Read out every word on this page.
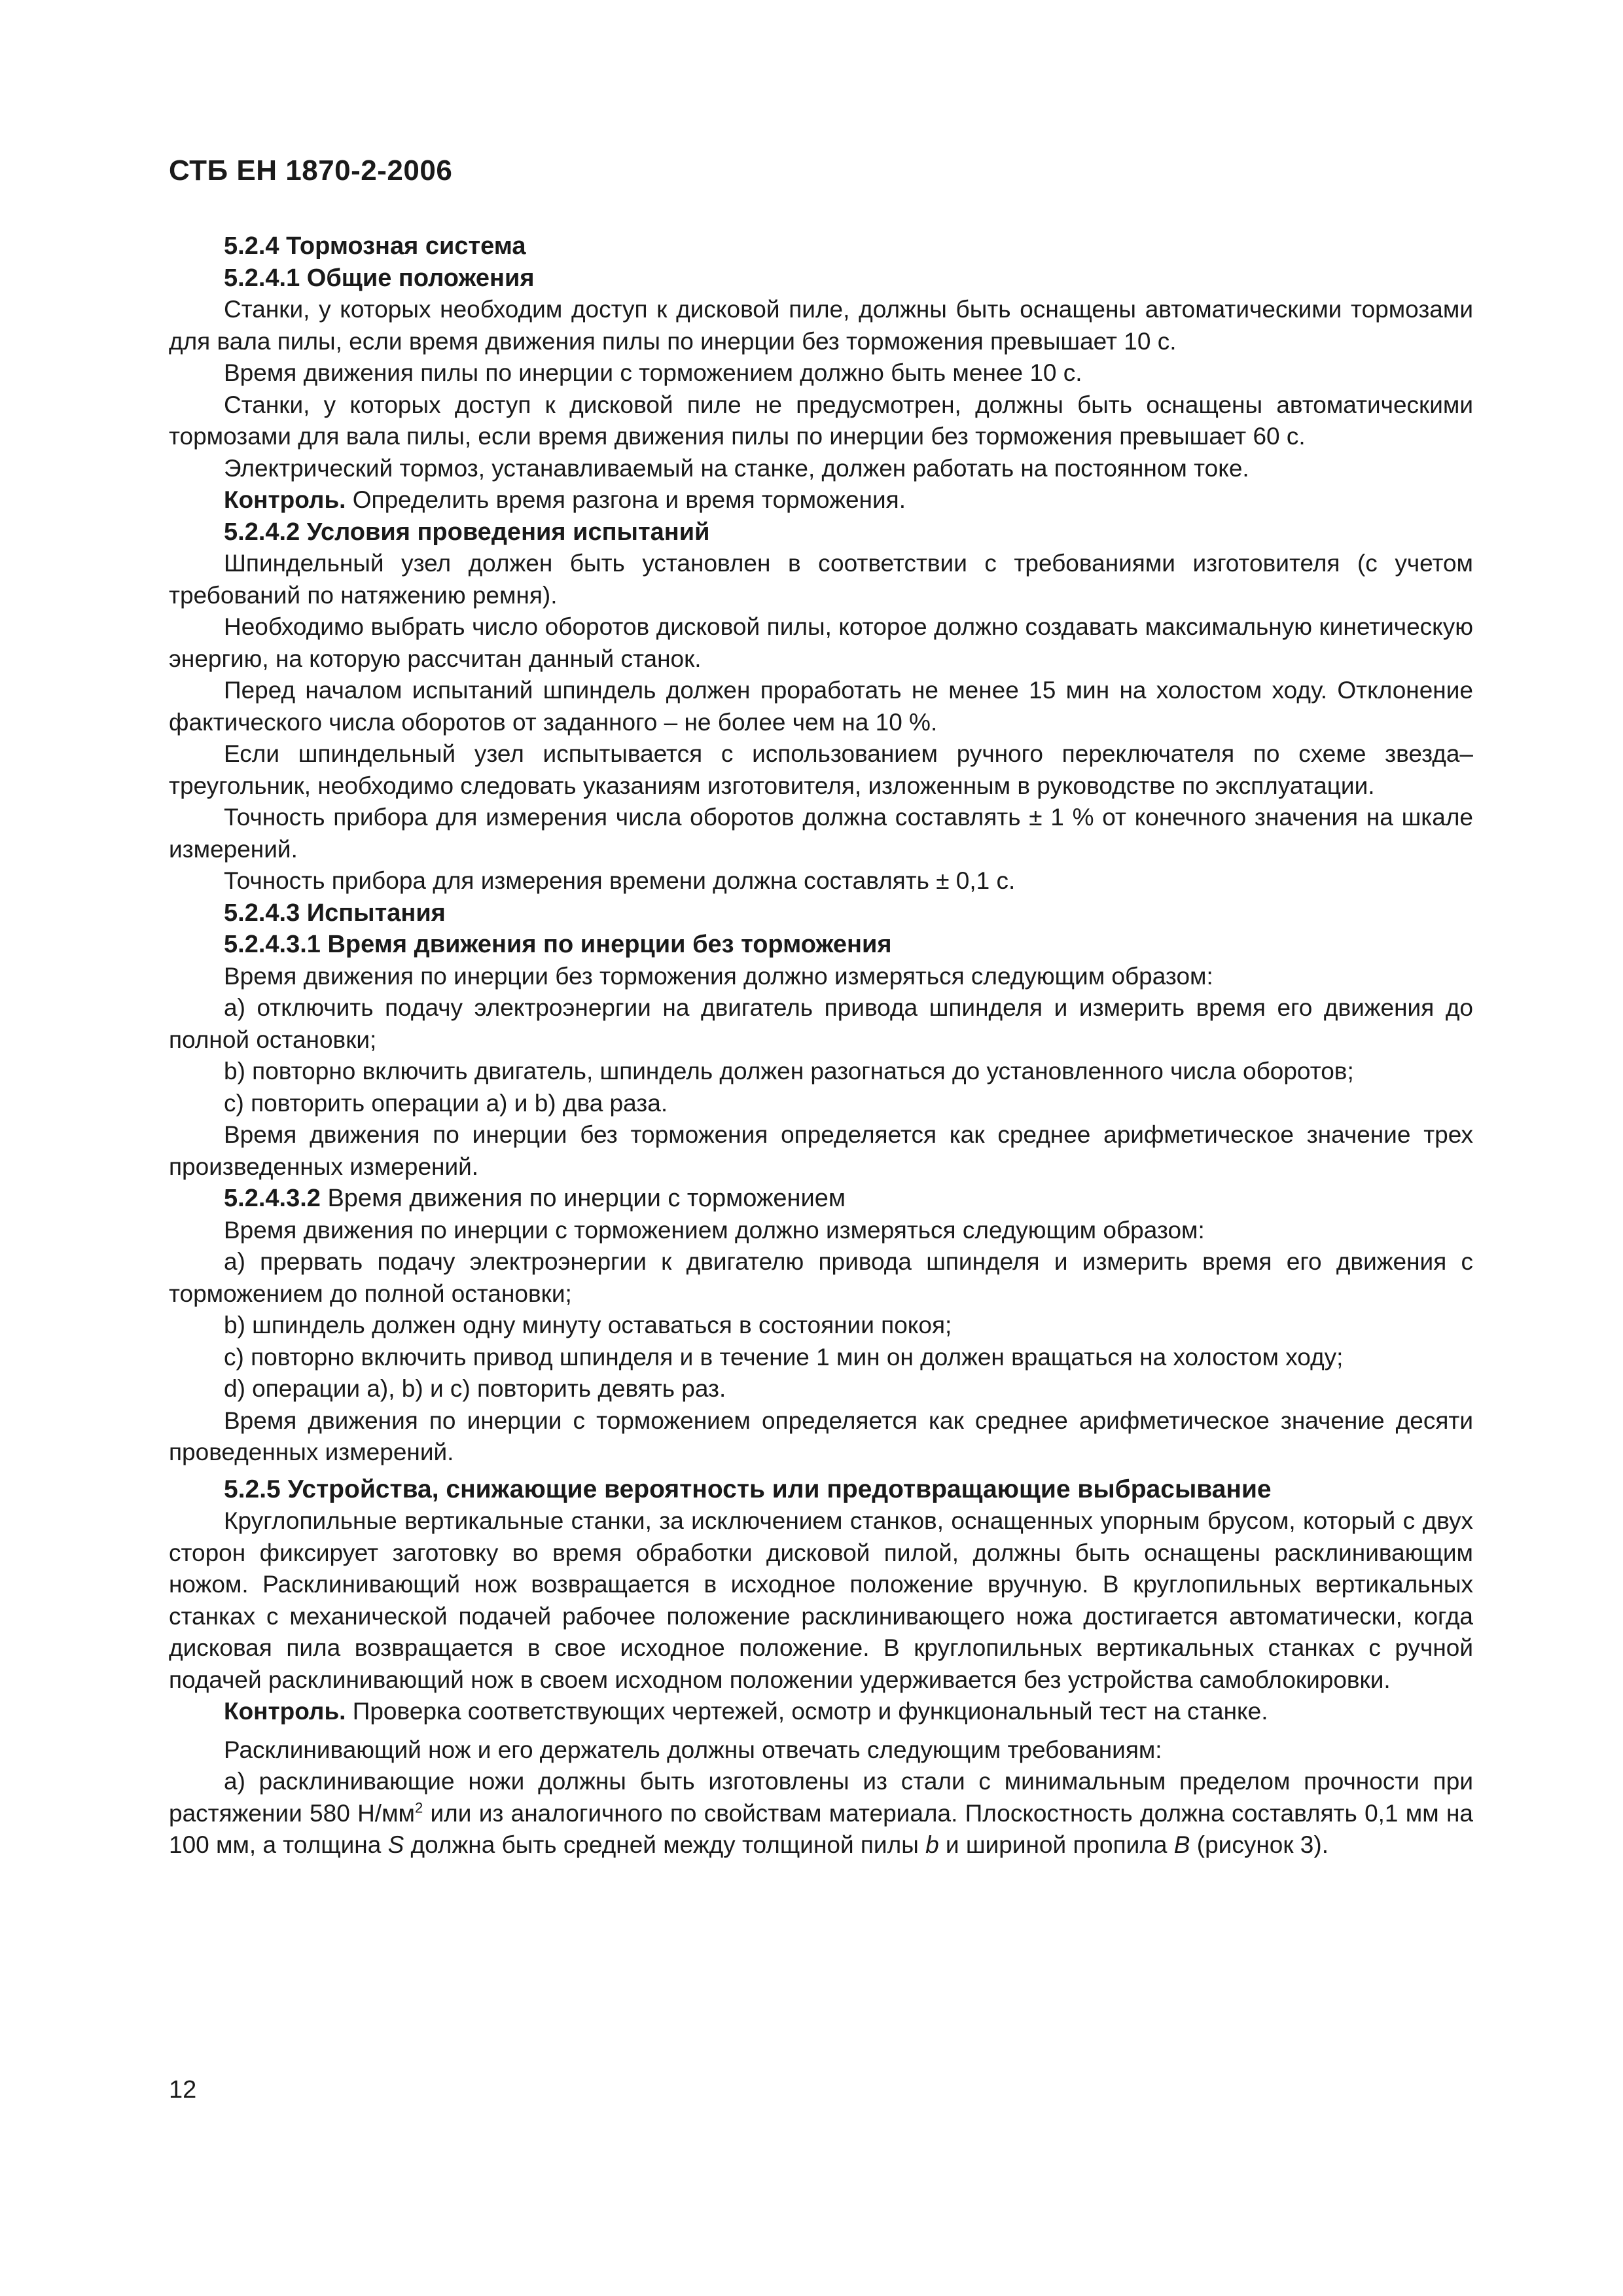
СТБ ЕН 1870-2-2006
5.2.4 Тормозная система
5.2.4.1 Общие положения

Станки, у которых необходим доступ к дисковой пиле, должны быть оснащены автоматическими тормозами для вала пилы, если время движения пилы по инерции без торможения превышает 10 с.

Время движения пилы по инерции с торможением должно быть менее 10 с.

Станки, у которых доступ к дисковой пиле не предусмотрен, должны быть оснащены автоматическими тормозами для вала пилы, если время движения пилы по инерции без торможения превышает 60 с.

Электрический тормоз, устанавливаемый на станке, должен работать на постоянном токе.

Контроль. Определить время разгона и время торможения.

5.2.4.2 Условия проведения испытаний

Шпиндельный узел должен быть установлен в соответствии с требованиями изготовителя (с учетом требований по натяжению ремня).

Необходимо выбрать число оборотов дисковой пилы, которое должно создавать максимальную кинетическую энергию, на которую рассчитан данный станок.

Перед началом испытаний шпиндель должен проработать не менее 15 мин на холостом ходу. Отклонение фактического числа оборотов от заданного – не более чем на 10 %.

Если шпиндельный узел испытывается с использованием ручного переключателя по схеме звезда–треугольник, необходимо следовать указаниям изготовителя, изложенным в руководстве по эксплуатации.

Точность прибора для измерения числа оборотов должна составлять ± 1 % от конечного значения на шкале измерений.

Точность прибора для измерения времени должна составлять ± 0,1 с.

5.2.4.3 Испытания
5.2.4.3.1 Время движения по инерции без торможения

Время движения по инерции без торможения должно измеряться следующим образом:

a) отключить подачу электроэнергии на двигатель привода шпинделя и измерить время его движения до полной остановки;

b) повторно включить двигатель, шпиндель должен разогнаться до установленного числа оборотов;

c) повторить операции a) и b) два раза.

Время движения по инерции без торможения определяется как среднее арифметическое значение трех произведенных измерений.

5.2.4.3.2 Время движения по инерции с торможением

Время движения по инерции с торможением должно измеряться следующим образом:

a) прервать подачу электроэнергии к двигателю привода шпинделя и измерить время его движения с торможением до полной остановки;

b) шпиндель должен одну минуту оставаться в состоянии покоя;

c) повторно включить привод шпинделя и в течение 1 мин он должен вращаться на холостом ходу;

d) операции a), b) и c) повторить девять раз.

Время движения по инерции с торможением определяется как среднее арифметическое значение десяти проведенных измерений.

5.2.5 Устройства, снижающие вероятность или предотвращающие выбрасывание

Круглопильные вертикальные станки, за исключением станков, оснащенных упорным брусом, который с двух сторон фиксирует заготовку во время обработки дисковой пилой, должны быть оснащены расклинивающим ножом. Расклинивающий нож возвращается в исходное положение вручную. В круглопильных вертикальных станках с механической подачей рабочее положение расклинивающего ножа достигается автоматически, когда дисковая пила возвращается в свое исходное положение. В круглопильных вертикальных станках с ручной подачей расклинивающий нож в своем исходном положении удерживается без устройства самоблокировки.

Контроль. Проверка соответствующих чертежей, осмотр и функциональный тест на станке.

Расклинивающий нож и его держатель должны отвечать следующим требованиям:

a) расклинивающие ножи должны быть изготовлены из стали с минимальным пределом прочности при растяжении 580 $Н/мм^2$ или из аналогичного по свойствам материала. Плоскостность должна составлять 0,1 мм на 100 мм, а толщина S должна быть средней между толщиной пилы b и шириной пропила B (рисунок 3).

12
